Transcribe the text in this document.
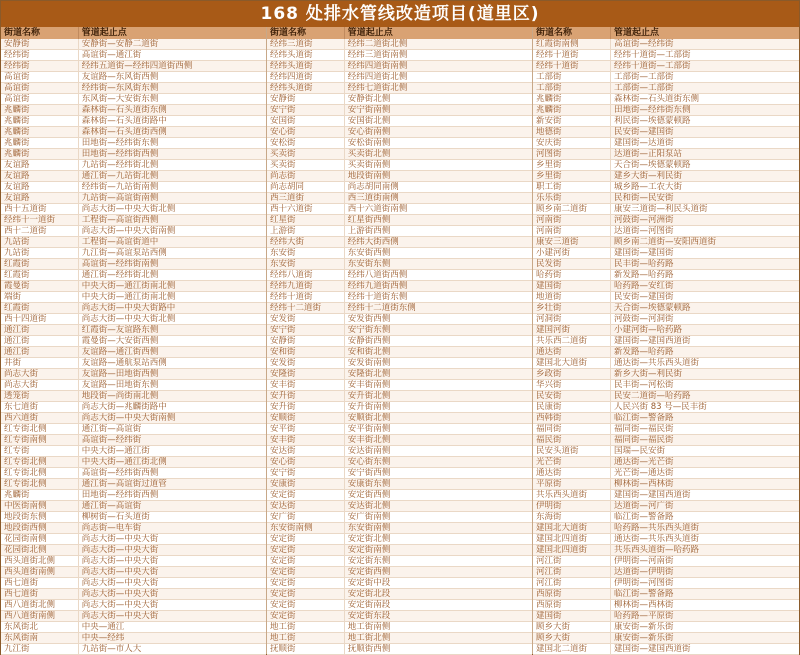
168 处排水管线改造项目(道里区)
街道名称	管道起止点
安静街	安静街—安静二道街
经纬街	高谊街—通江街
经纬街	经纬五道街—经纬四道街西侧
高谊街	友谊路—东风街西侧
高谊街	经纬街—东风街东侧
高谊街	东风街—大安街东侧
兆麟街	森林街—石头道街东侧
兆麟街	森林街—石头道街路中
兆麟街	森林街—石头道街西侧
兆麟街	田地街—经纬街东侧
兆麟街	田地街—经纬街西侧
友谊路	九站街—经纬街北侧
友谊路	通江街—九站街北侧
友谊路	经纬街—九站街南侧
友谊路	九站街—高谊街南侧
西十五道街	尚志大街—中央大街北侧
经纬十一道街	工程街—高谊街西侧
西十二道街	尚志大街—中央大街南侧
九站街	工程街—高谊街道中
九站街	九江街—高谊泵站西侧
红霞街	高谊街—经纬街南侧
红霞街	通江街—经纬街北侧
霞曼街	中央大街—通江街南北侧
端街	中央大街—通江街南北侧
红霞街	尚志大街—中央大街路中
西十四道街	尚志大街—中央大街北侧
通江街	红霞街—友谊路东侧
通江街	霞曼街—大安街西侧
通江街	友谊路—通江街西侧
井街	友谊路—通航泵站西侧
尚志大街	友谊路—田地街西侧
尚志大街	友谊路—田地街东侧
透笼街	地段街—尚街南北侧
东七道街	尚志大街—兆麟街路中
西六道街	尚志大街—中央大街南侧
红专街北侧	通江街—高谊街
红专街南侧	高谊街—经纬街
红专街	中央大街—通江街
红专街北侧	中央大街—通江街北侧
红专街北侧	高谊街—经纬街西侧
红专街北侧	通江街—高谊街过道管
兆麟街	田地街—经纬街西侧
中医街南侧	通江街—高谊街
地段街东侧	柳树街—石头道街
地段街西侧	尚志街—电车街
花园街南侧	尚志大街—中央大街
花园街北侧	尚志大街—中央大街
西头道街北侧	尚志大街—中央大街
西头道街南侧	尚志大街—中央大街
西七道街	尚志大街—中央大街
西七道街	尚志大街—中央大街
西八道街北侧	尚志大街—中央大街
西八道街南侧	尚志大街—中央大街
东风街北	中央—通江
东风街南	中央—经纬
九江街	九站街—市人大
街道名称	管道起止点
经纬三道街	经纬二道街北侧
经纬头道街	经纬三道街南侧
经纬头道街	经纬四道街南侧
经纬四道街	经纬四道街北侧
经纬头道街	经纬七道街北侧
安静街	安静街北侧
安宁街	安宁街南侧
安国街	安国街北侧
安心街	安心街南侧
安松街	安松街南侧
买卖街	买卖街北侧
买卖街	买卖街南侧
尚志街	地段街南侧
尚志胡同	尚志胡同南侧
西三道街	西三道街南侧
西十六道街	西十六道街南侧
红星街	红星街西侧
上游街	上游街西侧
经纬大街	经纬大街西侧
东安街	东安街西侧
东安街	东安街东侧
经纬八道街	经纬八道街西侧
经纬九道街	经纬九道街西侧
经纬十道街	经纬十道街东侧
经纬十二道街	经纬十二道街东侧
安发街	安发街西侧
安宁街	安宁街东侧
安静街	安静街西侧
安和街	安和街北侧
安发街	安发街南侧
安隆街	安隆街北侧
安丰街	安丰街南侧
安升街	安升街北侧
安升街	安升街南侧
安顺街	安顺街北侧
安平街	安平街南侧
安丰街	安丰街北侧
安达街	安达街南侧
安心街	安心街东侧
安宁街	安宁街西侧
安康街	安康街东侧
安定街	安定街西侧
安达街	安达街北侧
安广街	安广街南侧
东安街南侧	东安街南侧
安定街	安定街北侧
安定街	安定街南侧
安定街	安定街东侧
安定街	安定街西侧
安定街	安定街中段
安定街	安定街北段
安定街	安定街南段
安定街	安定街东段
地工街	地工街南侧
地工街	地工街北侧
抚顺街	抚顺街西侧
街道名称	管道起止点
红霞街南侧	高谊街—经纬街
经纬十道街	经纬十道街—工部街
经纬十道街	经纬十道街—工部街
工部街	工部街—工部街
工部街	工部街—工部街
兆麟街	森林街—石头道街东侧
兆麟街	田地街—经纬街东侧
新安街	利民街—埃德蒙顿路
地德街	民安街—建国街
安庆街	建国街—达道街
河图街	达道街—正阳泵站
乡里街	天合街—埃德蒙顿路
乡里街	建乡大街—利民街
职工街	城乡路—工农大街
乐乐街	民和街—民安街
顾乡南二道街	康安三道街—利民头道街
河南街	河鼓街—河洲街
河南街	达道街—河图街
康安三道街	顾乡南二道街—安阳西道街
小建河街	建国街—建国街
民发街	民丰街—哈药路
哈药街	新发路—哈药路
建国街	哈药路—安红街
地道街	民安街—建国街
乡壮街	天合街—埃德蒙顿路
河洞街	河鼓街—河洞街
建国河街	小建河街—哈药路
共乐西二道街	建国街—建国西道街
通达街	新发路—哈药路
建国北大道街	通达街—共乐西头道街
乡政街	新乡大街—利民街
华兴街	民丰街—河松街
民安街	民安二道街—哈药路
民康街	人民兴街 83 号—民丰街
西韩街	临江街—警备路
福同街	福同街—福民街
福民街	福同街—福民街
民安头道街	国瑞—民安街
光芒街	通达街—光芒街
通达街	光芒街—通达街
平原街	柳林街—西林街
共乐西头道街	建国街—建国西道街
伊明街	达道街—河广街
东海街	临江街—警备路
建国北大道街	哈药路—共乐西头道街
建国北四道街	通达街—共乐西头道街
建国北四道街	共乐西头道街—哈药路
河江街	伊明街—河南街
河江街	达道街—伊明街
河江街	伊明街—河图街
西原街	临江街—警备路
西原街	柳林街—西林街
建国街	哈药路—平原街
顾乡大街	康安街—新乐街
顾乡大街	康安街—新乐街
建国北二道街	建国街—建国西道街
